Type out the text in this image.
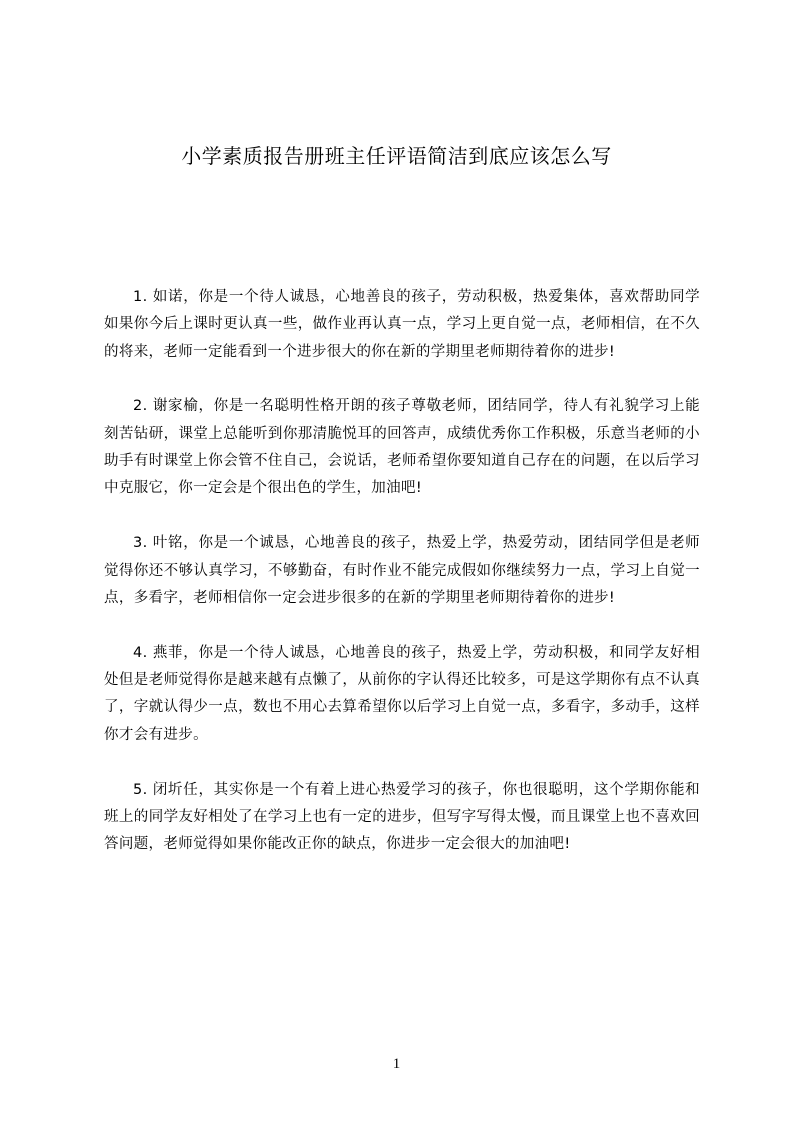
小学素质报告册班主任评语简洁到底应该怎么写

1. 如诺，你是一个待人诚恳，心地善良的孩子，劳动积极，热爱集体，喜欢帮助同学如果你今后上课时更认真一些，做作业再认真一点，学习上更自觉一点，老师相信，在不久的将来，老师一定能看到一个进步很大的你在新的学期里老师期待着你的进步!

2. 谢家榆，你是一名聪明性格开朗的孩子尊敬老师，团结同学，待人有礼貌学习上能刻苦钻研，课堂上总能听到你那清脆悦耳的回答声，成绩优秀你工作积极，乐意当老师的小助手有时课堂上你会管不住自己，会说话，老师希望你要知道自己存在的问题，在以后学习中克服它，你一定会是个很出色的学生，加油吧!

3. 叶铭，你是一个诚恳，心地善良的孩子，热爱上学，热爱劳动，团结同学但是老师觉得你还不够认真学习，不够勤奋，有时作业不能完成假如你继续努力一点，学习上自觉一点，多看字，老师相信你一定会进步很多的在新的学期里老师期待着你的进步!

4. 燕菲，你是一个待人诚恳，心地善良的孩子，热爱上学，劳动积极，和同学友好相处但是老师觉得你是越来越有点懒了，从前你的字认得还比较多，可是这学期你有点不认真了，字就认得少一点，数也不用心去算希望你以后学习上自觉一点，多看字，多动手，这样你才会有进步。

5. 闭圻任，其实你是一个有着上进心热爱学习的孩子，你也很聪明，这个学期你能和班上的同学友好相处了在学习上也有一定的进步，但写字写得太慢，而且课堂上也不喜欢回答问题，老师觉得如果你能改正你的缺点，你进步一定会很大的加油吧!

1
